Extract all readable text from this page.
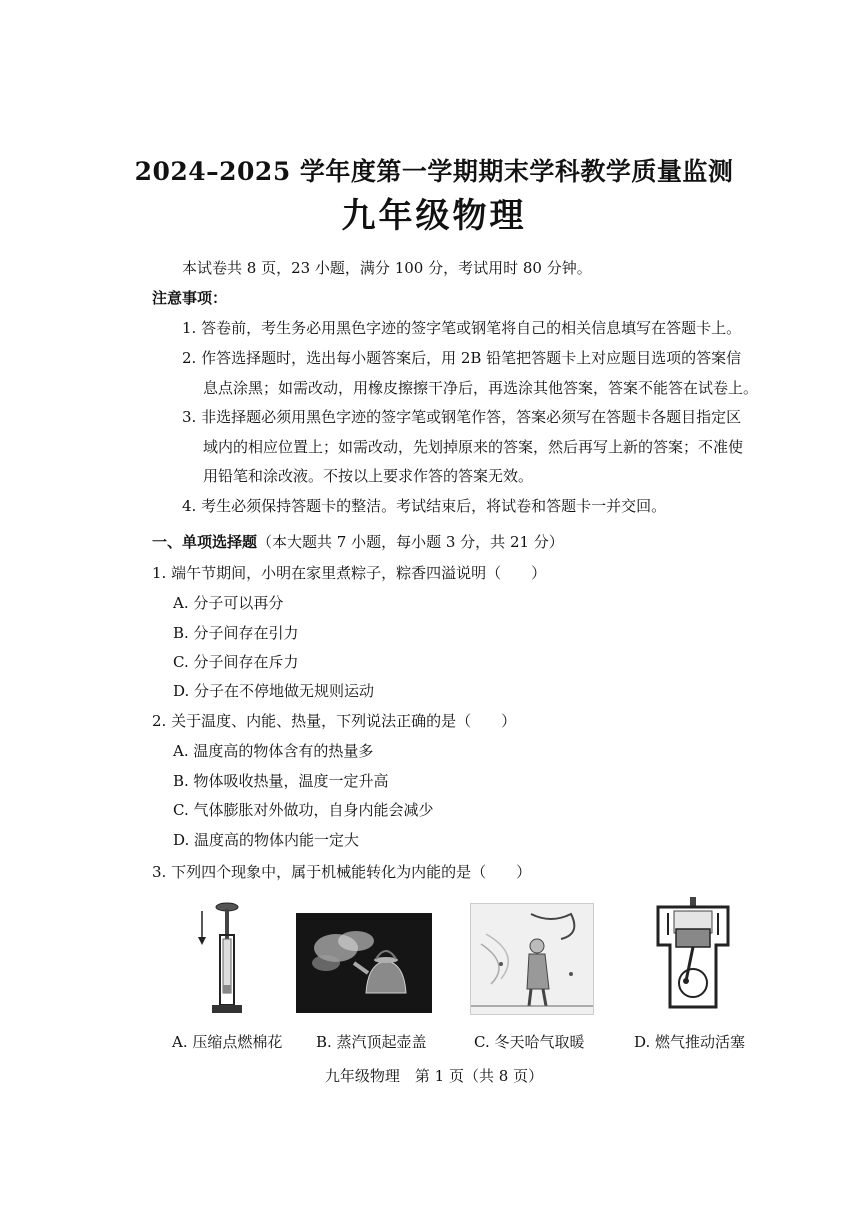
2024–2025 学年度第一学期期末学科教学质量监测
九年级物理
本试卷共 8 页，23 小题，满分 100 分，考试用时 80 分钟。
注意事项：
1. 答卷前，考生务必用黑色字迹的签字笔或钢笔将自己的相关信息填写在答题卡上。
2. 作答选择题时，选出每小题答案后，用 2B 铅笔把答题卡上对应题目选项的答案信
息点涂黑；如需改动，用橡皮擦擦干净后，再选涂其他答案，答案不能答在试卷上。
3. 非选择题必须用黑色字迹的签字笔或钢笔作答，答案必须写在答题卡各题目指定区
域内的相应位置上；如需改动，先划掉原来的答案，然后再写上新的答案；不准使
用铅笔和涂改液。不按以上要求作答的答案无效。
4. 考生必须保持答题卡的整洁。考试结束后，将试卷和答题卡一并交回。
一、单项选择题（本大题共 7 小题，每小题 3 分，共 21 分）
1. 端午节期间，小明在家里煮粽子，粽香四溢说明（　　）
A. 分子可以再分
B. 分子间存在引力
C. 分子间存在斥力
D. 分子在不停地做无规则运动
2. 关于温度、内能、热量，下列说法正确的是（　　）
A. 温度高的物体含有的热量多
B. 物体吸收热量，温度一定升高
C. 气体膨胀对外做功，自身内能会减少
D. 温度高的物体内能一定大
3. 下列四个现象中，属于机械能转化为内能的是（　　）
A. 压缩点燃棉花 B. 蒸汽顶起壶盖	C. 冬天哈气取暖	D. 燃气推动活塞
九年级物理　第 1 页（共 8 页）
